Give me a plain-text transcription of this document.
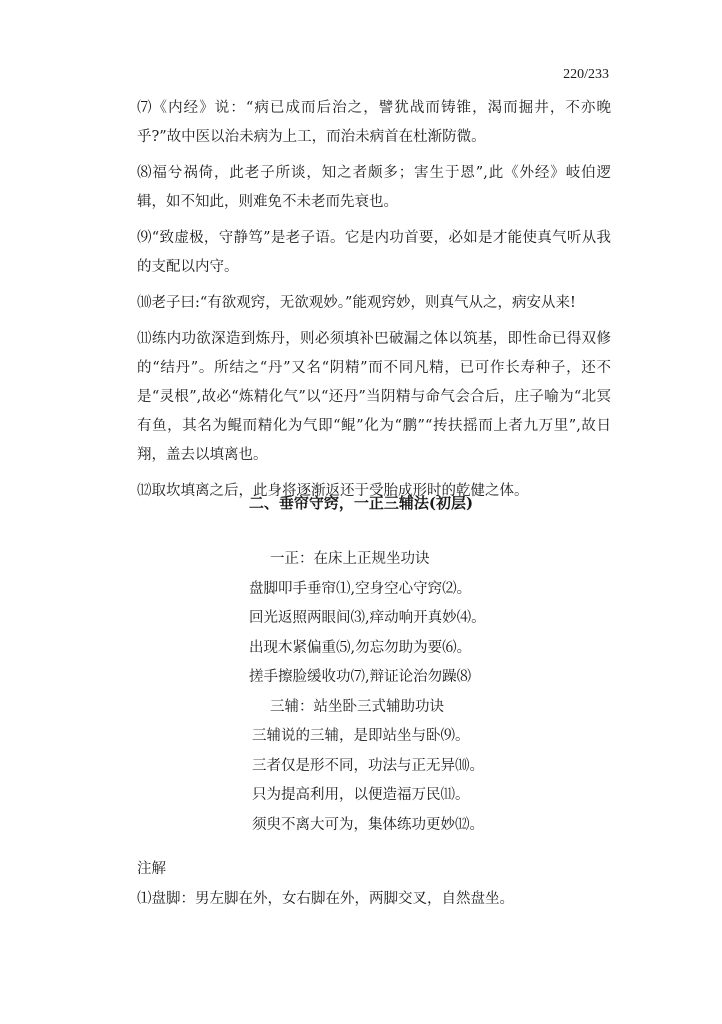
220/233

⑺《内经》说：“病已成而后治之，譬犹战而铸锥，渴而掘井，不亦晚乎?”故中医以治未病为上工，而治未病首在杜渐防微。

⑻福兮祸倚，此老子所谈，知之者颇多；害生于恩”,此《外经》岐伯逻辑，如不知此，则难免不未老而先衰也。

⑼“致虚极，守静笃”是老子语。它是内功首要，必如是才能使真气听从我的支配以内守。

⑽老子曰:“有欲观窍，无欲观妙。”能观窍妙，则真气从之，病安从来!

⑾练内功欲深造到炼丹，则必须填补巴破漏之体以筑基，即性命已得双修的“结丹”。所结之“丹”又名“阴精”而不同凡精，已可作长寿种子，还不是“灵根”,故必“炼精化气”以“还丹”当阴精与命气会合后，庄子喻为“北冥有鱼，其名为鲲而精化为气即“鲲”化为“鹏”“抟扶摇而上者九万里”,故日翔，盖去以填离也。

⑿取坎填离之后，此身将逐渐返还于受胎成形时的乾健之体。

二、垂帘守窍，一正三辅法(初层)
一正：在床上正规坐功诀
盘脚叩手垂帘⑴,空身空心守窍⑵。
回光返照两眼间⑶,痒动响开真妙⑷。
出现木紧偏重⑸,勿忘勿助为要⑹。
搓手擦脸缓收功⑺,辩证论治勿躁⑻
三辅：站坐卧三式辅助功诀
三辅说的三辅，是即站坐与卧⑼。
三者仅是形不同，功法与正无异⑽。
只为提高利用，以便造福万民⑾。
须臾不离大可为，集体练功更妙⑿。
注解
⑴盘脚：男左脚在外，女右脚在外，两脚交叉，自然盘坐。
